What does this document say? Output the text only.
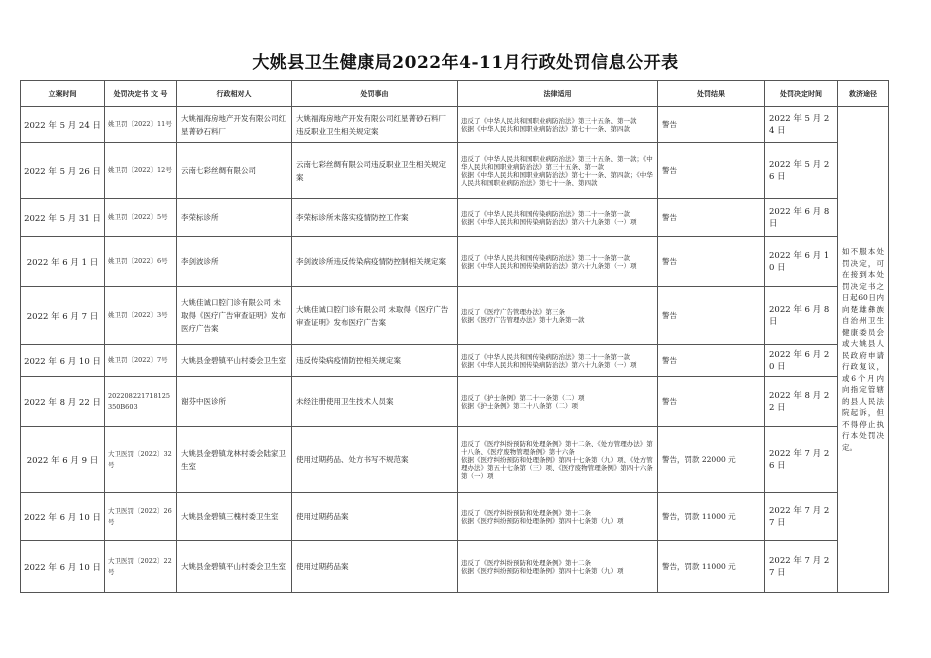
大姚县卫生健康局2022年4-11月行政处罚信息公开表
立案时间	处罚决定书 文 号	行政相对人	处罚事由	法律适用	处罚结果	处罚决定时间	救济途径
2022 年 5 月 24 日	姚卫罚〔2022〕11号	大姚福海房地产开发有限公司红星菁砂石料厂	大姚福海房地产开发有限公司红星菁砂石料厂违反职业卫生相关规定案	违反了《中华人民共和国职业病防治法》第三十五条、第一款
依据《中华人民共和国职业病防治法》第七十一条、第四款	警告	2022 年 5 月 24 日	如不服本处罚决定，可在接到本处罚决定书之日起60日内向楚雄彝族自治州卫生健康委员会或大姚县人民政府申请行政复议，或6个月内向指定管辖的县人民法院起诉，但不得停止执行本处罚决定。
2022 年 5 月 26 日	姚卫罚〔2022〕12号	云南七彩丝绸有限公司	云南七彩丝绸有限公司违反职业卫生相关规定案	违反了《中华人民共和国职业病防治法》第三十五条、第一款；《中华人民共和国职业病防治法》第三十五条、第一款
依据《中华人民共和国职业病防治法》第七十一条、第四款；《中华人民共和国职业病防治法》第七十一条、第四款	警告	2022 年 5 月 26 日	
2022 年 5 月 31 日	姚卫罚〔2022〕5号	李荣标诊所	李荣标诊所未落实疫情防控工作案	违反了《中华人民共和国传染病防治法》第二十一条第一款
依据《中华人民共和国传染病防治法》第六十九条第（一）项	警告	2022 年 6 月 8 日	
2022 年 6 月 1 日	姚卫罚〔2022〕6号	李剑波诊所	李剑波诊所违反传染病疫情防控制相关规定案	违反了《中华人民共和国传染病防治法》第二十一条第一款
依据《中华人民共和国传染病防治法》第六十九条第（一）项	警告	2022 年 6 月 10 日	
2022 年 6 月 7 日	姚卫罚〔2022〕3号	大姚佳诚口腔门诊有限公司 未取得《医疗广告审查证明》发布医疗广告案	大姚佳诚口腔门诊有限公司 未取得《医疗广告审查证明》发布医疗广告案	违反了《医疗广告管理办法》第三条
依据《医疗广告管理办法》第十九条第一款	警告	2022 年 6 月 8 日	
2022 年 6 月 10 日	姚卫罚〔2022〕7号	大姚县金碧镇平山村委会卫生室	违反传染病疫情防控相关规定案	违反了《中华人民共和国传染病防治法》第二十一条第一款
依据《中华人民共和国传染病防治法》第六十九条第（一）项	警告	2022 年 6 月 20 日	
2022 年 8 月 22 日	202208221718125350B603	谢芬中医诊所	未经注册使用卫生技术人员案	违反了《护士条例》第二十一条第（二）项
依据《护士条例》第二十八条第（二）项	警告	2022 年 8 月 22 日	
2022 年 6 月 9 日	大卫医罚〔2022〕32号	大姚县金碧镇龙林村委会陆家卫生室	使用过期药品、处方书写不规范案	违反了《医疗纠纷预防和处理条例》第十二条、《处方管理办法》第十八条、《医疗废物管理条例》第十六条
依据《医疗纠纷预防和处理条例》第四十七条第（九）项、《处方管理办法》第五十七条第（三）项、《医疗废物管理条例》第四十六条第（一）项	警告，罚款 22000 元	2022 年 7 月 26 日	
2022 年 6 月 10 日	大卫医罚〔2022〕26号	大姚县金碧镇三槐村委卫生室	使用过期药品案	违反了《医疗纠纷预防和处理条例》第十二条
依据《医疗纠纷预防和处理条例》第四十七条第（九）项	警告，罚款 11000 元	2022 年 7 月 27 日	
2022 年 6 月 10 日	大卫医罚〔2022〕22号	大姚县金碧镇平山村委会卫生室	使用过期药品案	违反了《医疗纠纷预防和处理条例》第十二条
依据《医疗纠纷预防和处理条例》第四十七条第（九）项	警告，罚款 11000 元	2022 年 7 月 27 日	
